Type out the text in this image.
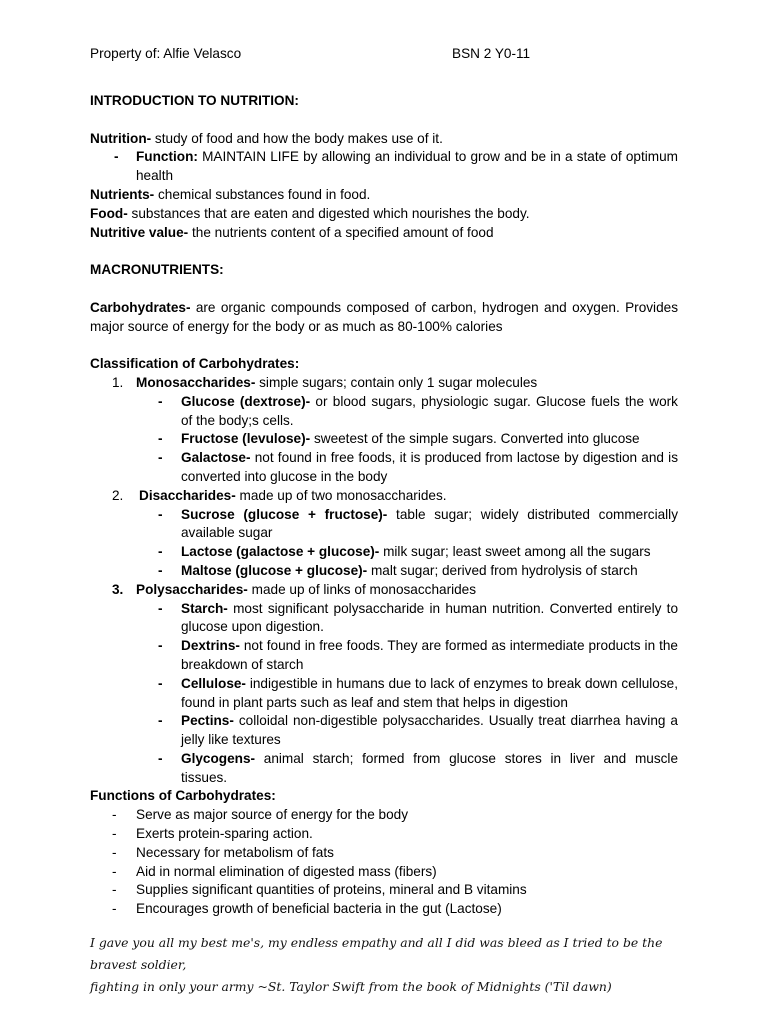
Property of: Alfie Velasco	BSN 2 Y0-11
INTRODUCTION TO NUTRITION:
Nutrition- study of food and how the body makes use of it.
- Function: MAINTAIN LIFE by allowing an individual to grow and be in a state of optimum health
Nutrients- chemical substances found in food.
Food- substances that are eaten and digested which nourishes the body.
Nutritive value- the nutrients content of a specified amount of food
MACRONUTRIENTS:
Carbohydrates- are organic compounds composed of carbon, hydrogen and oxygen. Provides major source of energy for the body or as much as 80-100% calories
Classification of Carbohydrates:
1. Monosaccharides- simple sugars; contain only 1 sugar molecules
- Glucose (dextrose)- or blood sugars, physiologic sugar. Glucose fuels the work of the body;s cells.
- Fructose (levulose)- sweetest of the simple sugars. Converted into glucose
- Galactose- not found in free foods, it is produced from lactose by digestion and is converted into glucose in the body
2. Disaccharides- made up of two monosaccharides.
- Sucrose (glucose + fructose)- table sugar; widely distributed commercially available sugar
- Lactose (galactose + glucose)- milk sugar; least sweet among all the sugars
- Maltose (glucose + glucose)- malt sugar; derived from hydrolysis of starch
3. Polysaccharides- made up of links of monosaccharides
- Starch- most significant polysaccharide in human nutrition. Converted entirely to glucose upon digestion.
- Dextrins- not found in free foods. They are formed as intermediate products in the breakdown of starch
- Cellulose- indigestible in humans due to lack of enzymes to break down cellulose, found in plant parts such as leaf and stem that helps in digestion
- Pectins- colloidal non-digestible polysaccharides. Usually treat diarrhea having a jelly like textures
- Glycogens- animal starch; formed from glucose stores in liver and muscle tissues.
Functions of Carbohydrates:
- Serve as major source of energy for the body
- Exerts protein-sparing action.
- Necessary for metabolism of fats
- Aid in normal elimination of digested mass (fibers)
- Supplies significant quantities of proteins, mineral and B vitamins
- Encourages growth of beneficial bacteria in the gut (Lactose)
I gave you all my best me's, my endless empathy and all I did was bleed as I tried to be the bravest soldier,
fighting in only your army ~St. Taylor Swift from the book of Midnights ('Til dawn)
